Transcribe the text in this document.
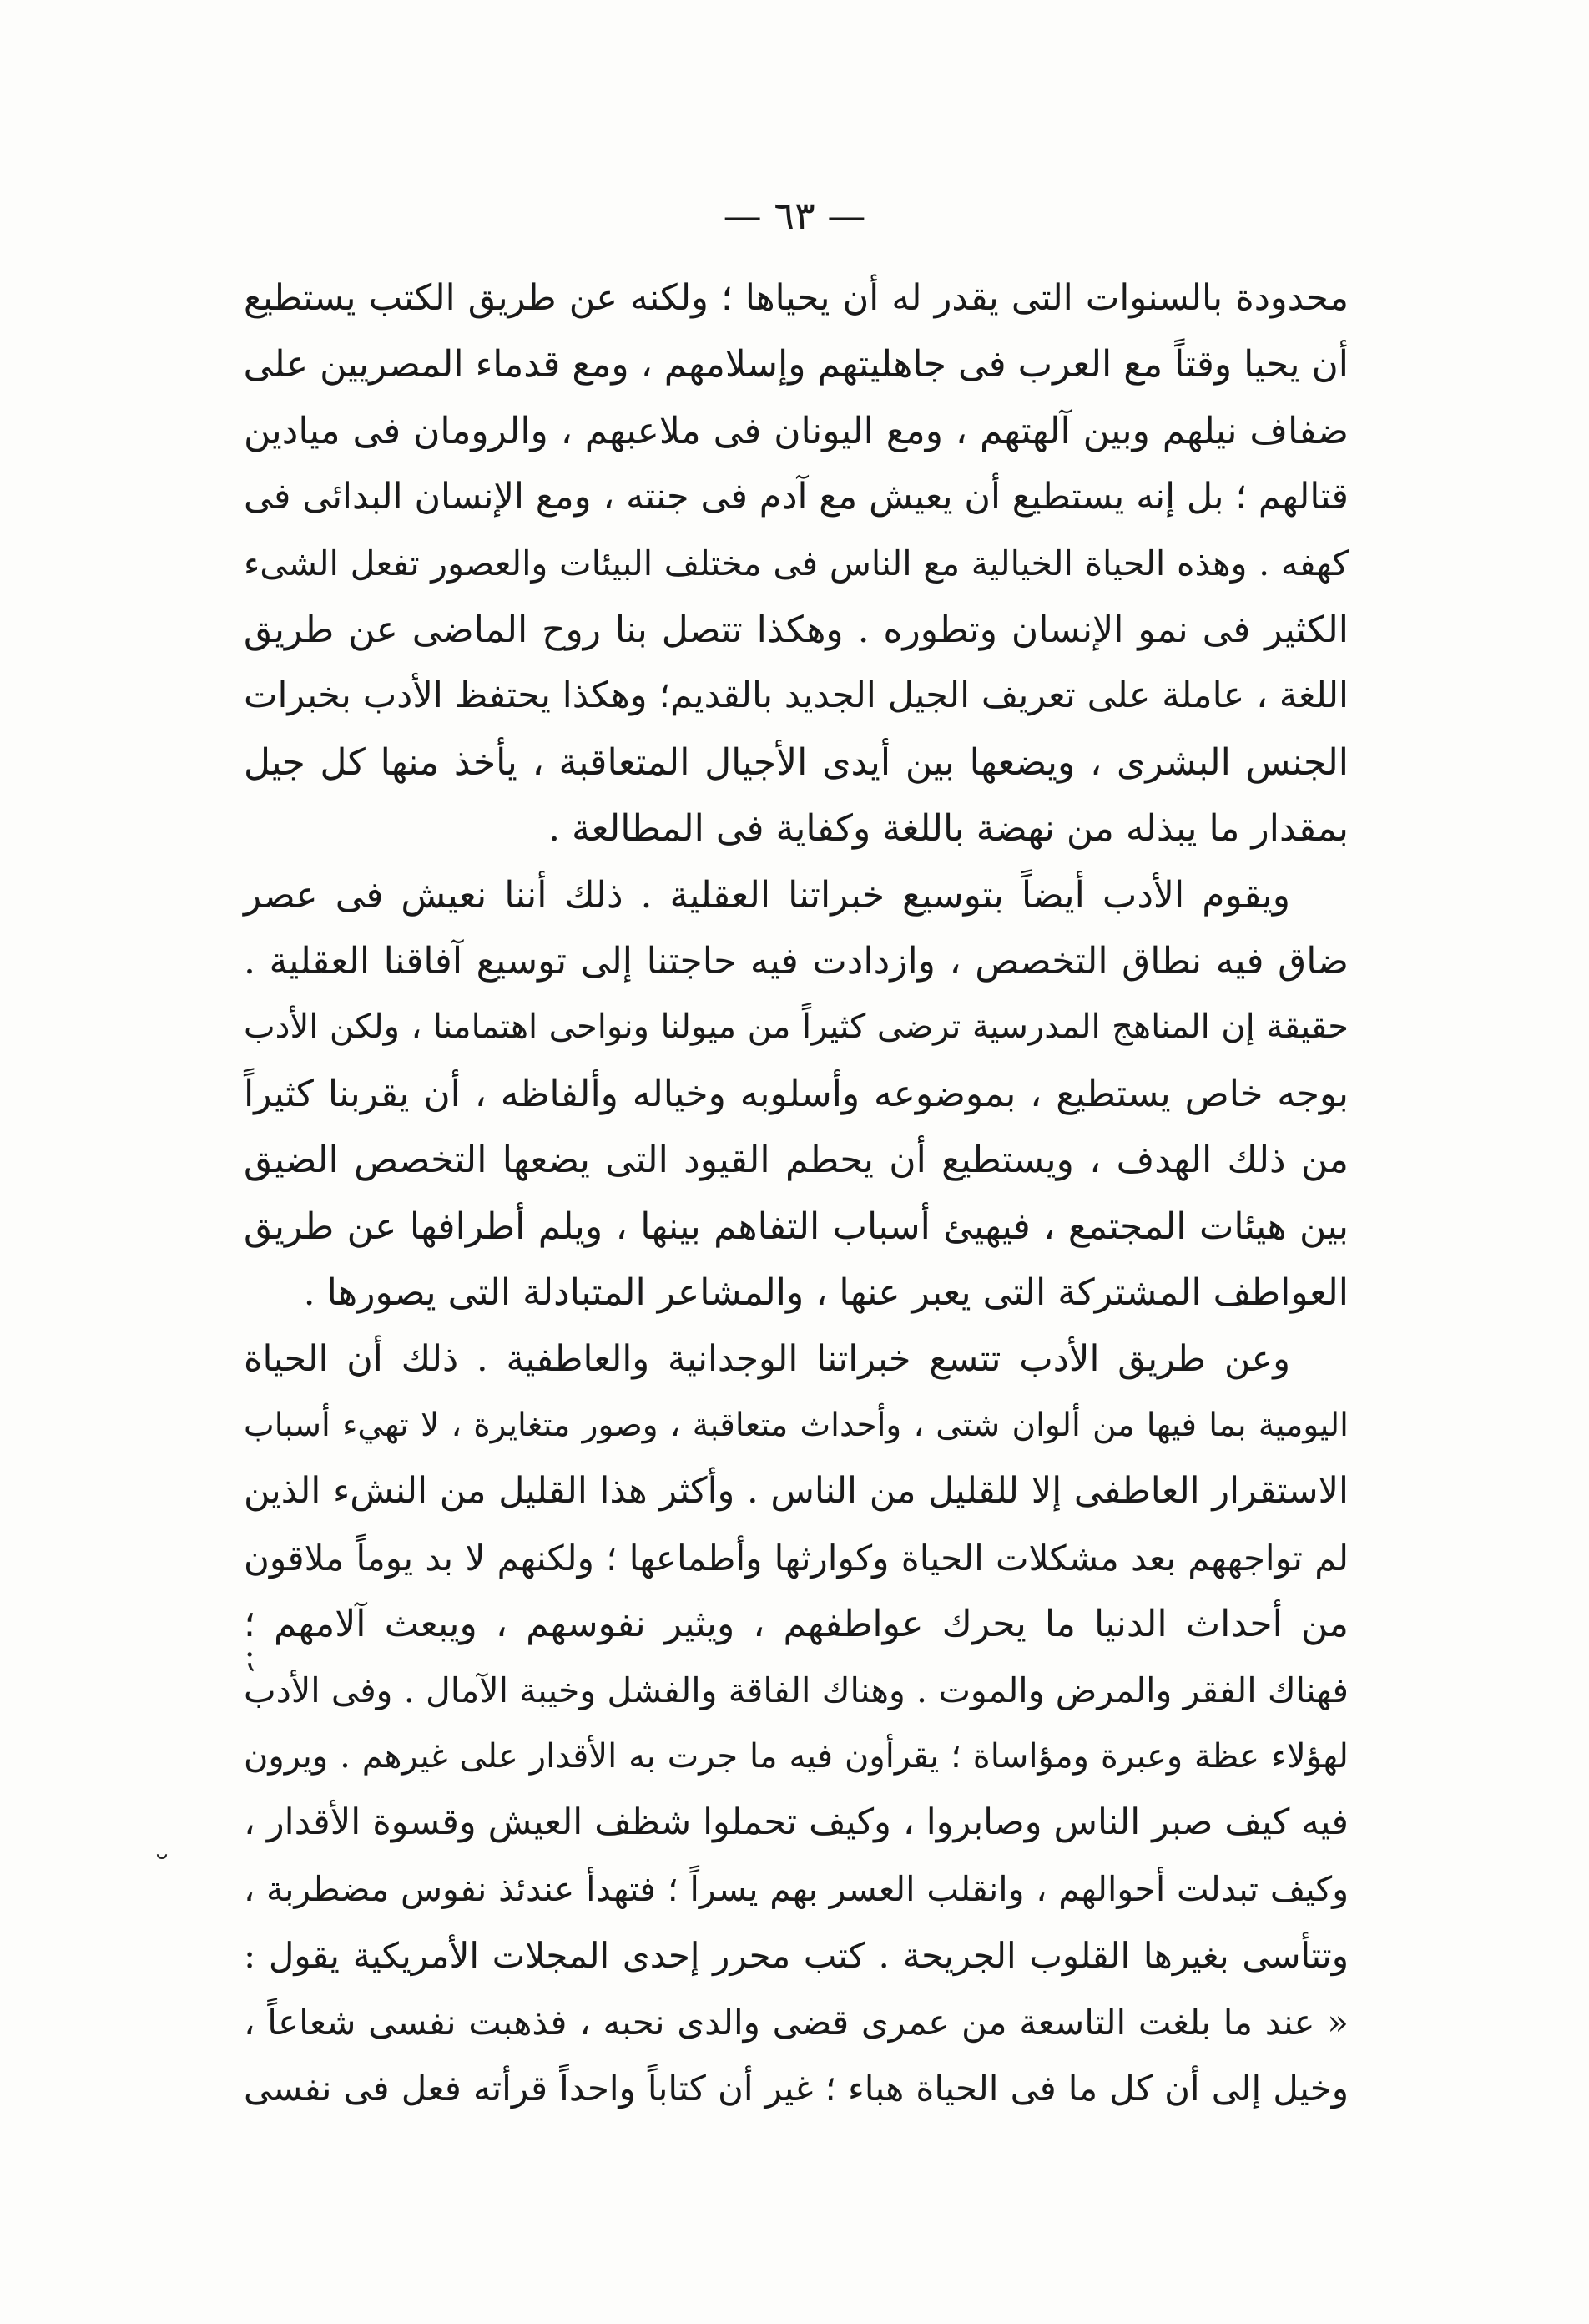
— ٦٣ —
محدودة بالسنوات التى يقدر له أن يحياها ؛ ولكنه عن طريق الكتب يستطيع
أن يحيا وقتاً مع العرب فى جاهليتهم وإسلامهم ، ومع قدماء المصريين على
ضفاف نيلهم وبين آلهتهم ، ومع اليونان فى ملاعبهم ، والرومان فى ميادين
قتالهم ؛ بل إنه يستطيع أن يعيش مع آدم فى جنته ، ومع الإنسان البدائى فى
كهفه . وهذه الحياة الخيالية مع الناس فى مختلف البيئات والعصور تفعل الشىء
الكثير فى نمو الإنسان وتطوره . وهكذا تتصل بنا روح الماضى عن طريق
اللغة ، عاملة على تعريف الجيل الجديد بالقديم؛ وهكذا يحتفظ الأدب بخبرات
الجنس البشرى ، ويضعها بين أيدى الأجيال المتعاقبة ، يأخذ منها كل جيل
بمقدار ما يبذله من نهضة باللغة وكفاية فى المطالعة .
ويقوم الأدب أيضاً بتوسيع خبراتنا العقلية . ذلك أننا نعيش فى عصر
ضاق فيه نطاق التخصص ، وازدادت فيه حاجتنا إلى توسيع آفاقنا العقلية .
حقيقة إن المناهج المدرسية ترضى كثيراً من ميولنا ونواحى اهتمامنا ، ولكن الأدب
بوجه خاص يستطيع ، بموضوعه وأسلوبه وخياله وألفاظه ، أن يقربنا كثيراً
من ذلك الهدف ، ويستطيع أن يحطم القيود التى يضعها التخصص الضيق
بين هيئات المجتمع ، فيهيئ أسباب التفاهم بينها ، ويلم أطرافها عن طريق
العواطف المشتركة التى يعبر عنها ، والمشاعر المتبادلة التى يصورها .
وعن طريق الأدب تتسع خبراتنا الوجدانية والعاطفية . ذلك أن الحياة
اليومية بما فيها من ألوان شتى ، وأحداث متعاقبة ، وصور متغايرة ، لا تهيء أسباب
الاستقرار العاطفى إلا للقليل من الناس . وأكثر هذا القليل من النشء الذين
لم تواجههم بعد مشكلات الحياة وكوارثها وأطماعها ؛ ولكنهم لا بد يوماً ملاقون
من أحداث الدنيا ما يحرك عواطفهم ، ويثير نفوسهم ، ويبعث آلامهم ؛
فهناك الفقر والمرض والموت . وهناك الفاقة والفشل وخيبة الآمال . وفى الأدب
لهؤلاء عظة وعبرة ومؤاساة ؛ يقرأون فيه ما جرت به الأقدار على غيرهم . ويرون
فيه كيف صبر الناس وصابروا ، وكيف تحملوا شظف العيش وقسوة الأقدار ،
وكيف تبدلت أحوالهم ، وانقلب العسر بهم يسراً ؛ فتهدأ عندئذ نفوس مضطربة ،
وتتأسى بغيرها القلوب الجريحة . كتب محرر إحدى المجلات الأمريكية يقول :
« عند ما بلغت التاسعة من عمرى قضى والدى نحبه ، فذهبت نفسى شعاعاً ،
وخيل إلى أن كل ما فى الحياة هباء ؛ غير أن كتاباً واحداً قرأته فعل فى نفسى
⁏
˘
